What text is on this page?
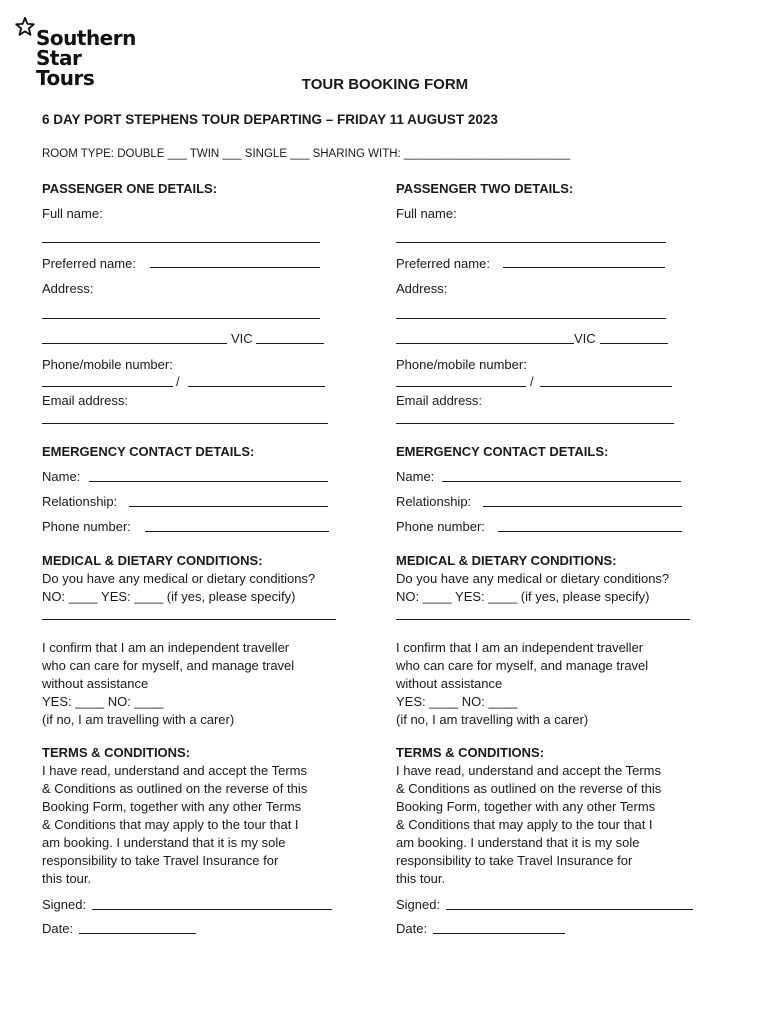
Southern
Star
Tours	TOUR BOOKING FORM
6 DAY PORT STEPHENS TOUR DEPARTING – FRIDAY 11 AUGUST 2023
ROOM TYPE: DOUBLE ___ TWIN ___ SINGLE ___ SHARING WITH: __________________________
PASSENGER ONE DETAILS:
Full name:
Preferred name:
Address:
VIC
Phone/mobile number:
/
Email address:
EMERGENCY CONTACT DETAILS:
Name:
Relationship:
Phone number:
MEDICAL & DIETARY CONDITIONS:
Do you have any medical or dietary conditions?
NO: ____ YES: ____ (if yes, please specify)
I confirm that I am an independent traveller
who can care for myself, and manage travel
without assistance
YES: ____ NO: ____
(if no, I am travelling with a carer)
TERMS & CONDITIONS:
I have read, understand and accept the Terms
& Conditions as outlined on the reverse of this
Booking Form, together with any other Terms
& Conditions that may apply to the tour that I
am booking. I understand that it is my sole
responsibility to take Travel Insurance for
this tour.
Signed:
Date:
PASSENGER TWO DETAILS:
Full name:
Preferred name:
Address:
VIC
Phone/mobile number:
/
Email address:
EMERGENCY CONTACT DETAILS:
Name:
Relationship:
Phone number:
MEDICAL & DIETARY CONDITIONS:
Do you have any medical or dietary conditions?
NO: ____ YES: ____ (if yes, please specify)
I confirm that I am an independent traveller
who can care for myself, and manage travel
without assistance
YES: ____ NO: ____
(if no, I am travelling with a carer)
TERMS & CONDITIONS:
I have read, understand and accept the Terms
& Conditions as outlined on the reverse of this
Booking Form, together with any other Terms
& Conditions that may apply to the tour that I
am booking. I understand that it is my sole
responsibility to take Travel Insurance for
this tour.
Signed:
Date:
